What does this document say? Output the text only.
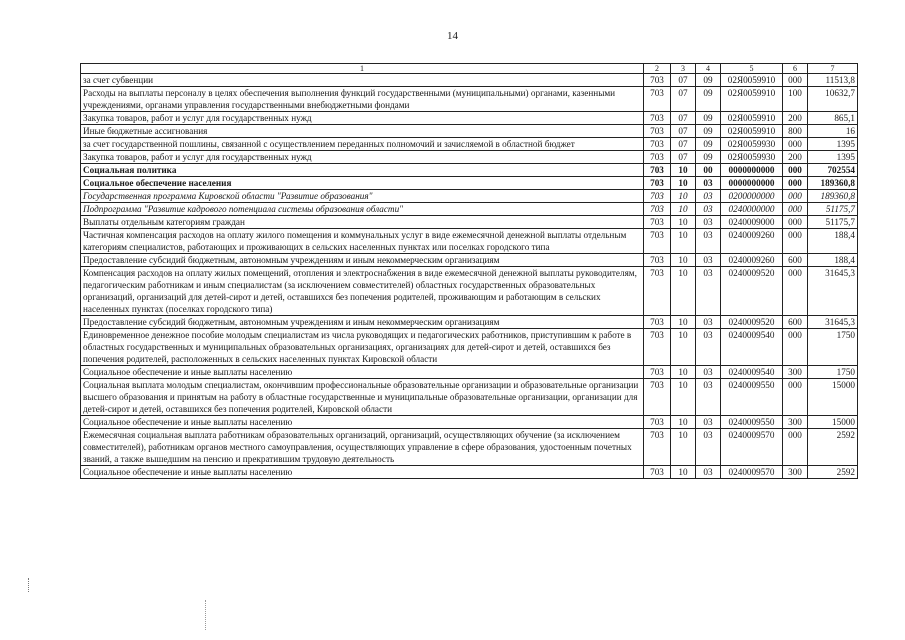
14
1	2	3	4	5	6	7
за счет субвенции	703	07	09	02Я0059910	000	11513,8
Расходы на выплаты персоналу в целях обеспечения выполнения функций государственными (муниципальными) органами, казенными учреждениями, органами управления государственными внебюджетными фондами	703	07	09	02Я0059910	100	10632,7
Закупка товаров, работ и услуг для государственных нужд	703	07	09	02Я0059910	200	865,1
Иные бюджетные ассигнования	703	07	09	02Я0059910	800	16
за счет государственной пошлины, связанной с осуществлением переданных полномочий и зачисляемой в областной бюджет	703	07	09	02Я0059930	000	1395
Закупка товаров, работ и услуг для государственных нужд	703	07	09	02Я0059930	200	1395
Социальная политика	703	10	00	0000000000	000	702554
Социальное обеспечение населения	703	10	03	0000000000	000	189360,8
Государственная программа Кировской области "Развитие образования"	703	10	03	0200000000	000	189360,8
Подпрограмма "Развитие кадрового потенциала системы образования области"	703	10	03	0240000000	000	51175,7
Выплаты отдельным категориям граждан	703	10	03	0240009000	000	51175,7
Частичная компенсация расходов на оплату жилого помещения и коммунальных услуг в виде ежемесячной денежной выплаты отдельным категориям специалистов, работающих и проживающих в сельских населенных пунктах или поселках городского типа	703	10	03	0240009260	000	188,4
Предоставление субсидий бюджетным, автономным учреждениям и иным некоммерческим организациям	703	10	03	0240009260	600	188,4
Компенсация расходов на оплату жилых помещений, отопления и электроснабжения в виде ежемесячной денежной выплаты руководителям, педагогическим работникам и иным специалистам (за исключением совместителей) областных государственных образовательных организаций, организаций для детей-сирот и детей, оставшихся без попечения родителей, проживающим и работающим в сельских населенных пунктах (поселках городского типа)	703	10	03	0240009520	000	31645,3
Предоставление субсидий бюджетным, автономным учреждениям и иным некоммерческим организациям	703	10	03	0240009520	600	31645,3
Единовременное денежное пособие молодым специалистам из числа руководящих и педагогических работников, приступившим к работе в областных государственных и муниципальных образовательных организациях, организациях для детей-сирот и детей, оставшихся без попечения родителей, расположенных в сельских населенных пунктах Кировской области	703	10	03	0240009540	000	1750
Социальное обеспечение и иные выплаты населению	703	10	03	0240009540	300	1750
Социальная выплата молодым специалистам, окончившим профессиональные образовательные организации и образовательные организации высшего образования и принятым на работу в областные государственные и муниципальные образовательные организации, организации для детей-сирот и детей, оставшихся без попечения родителей, Кировской области	703	10	03	0240009550	000	15000
Социальное обеспечение и иные выплаты населению	703	10	03	0240009550	300	15000
Ежемесячная социальная выплата работникам образовательных организаций, организаций, осуществляющих обучение (за исключением совместителей), работникам органов местного самоуправления, осуществляющих управление в сфере образования, удостоенным почетных званий, а также вышедшим на пенсию и прекратившим трудовую деятельность	703	10	03	0240009570	000	2592
Социальное обеспечение и иные выплаты населению	703	10	03	0240009570	300	2592
